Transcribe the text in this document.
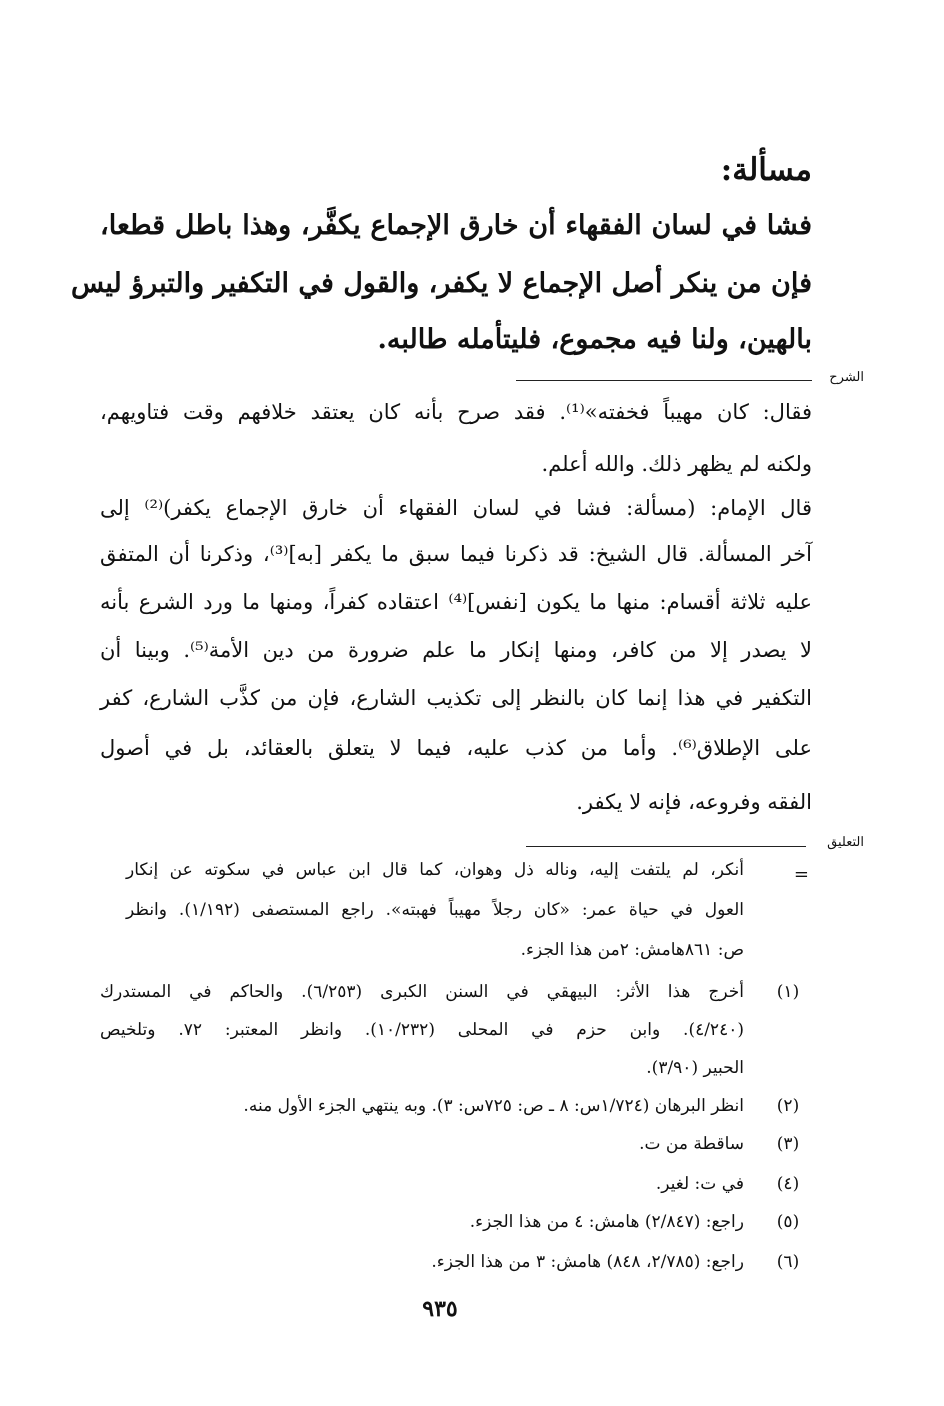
مسألة:
فشا في لسان الفقهاء أن خارق الإجماع يكفَّر، وهذا باطل قطعا،
فإن من ينكر أصل الإجماع لا يكفر، والقول في التكفير والتبرؤ ليس
بالهين، ولنا فيه مجموع، فليتأمله طالبه.
الشرح
فقال: كان مهيباً فخفته»⁽¹⁾. فقد صرح بأنه كان يعتقد خلافهم وقت فتاويهم،
ولكنه لم يظهر ذلك. والله أعلم.
قال الإمام: (مسألة: فشا في لسان الفقهاء أن خارق الإجماع يكفر)⁽²⁾ إلى
آخر المسألة. قال الشيخ: قد ذكرنا فيما سبق ما يكفر [به]⁽³⁾، وذكرنا أن المتفق
عليه ثلاثة أقسام: منها ما يكون [نفس]⁽⁴⁾ اعتقاده كفراً، ومنها ما ورد الشرع بأنه
لا يصدر إلا من كافر، ومنها إنكار ما علم ضرورة من دين الأمة⁽⁵⁾. وبينا أن
التكفير في هذا إنما كان بالنظر إلى تكذيب الشارع، فإن من كذَّب الشارع، كفر
على الإطلاق⁽⁶⁾. وأما من كذب عليه، فيما لا يتعلق بالعقائد، بل في أصول
الفقه وفروعه، فإنه لا يكفر.
التعليق
=
أنكر، لم يلتفت إليه، وناله ذل وهوان، كما قال ابن عباس في سكوته عن إنكار
العول في حياة عمر: «كان رجلاً مهيباً فهبته». راجع المستصفى (١/١٩٢). وانظر
ص: ٨٦١هامش: ٢من هذا الجزء.
(١)
أخرج هذا الأثر: البيهقي في السنن الكبرى (٦/٢٥٣). والحاكم في المستدرك
(٤/٢٤٠). وابن حزم في المحلى (١٠/٢٣٢). وانظر المعتبر: ٧٢. وتلخيص
الحبير (٣/٩٠).
(٢)
انظر البرهان (١/٧٢٤س: ٨ ـ ص: ٧٢٥س: ٣). وبه ينتهي الجزء الأول منه.
(٣)
ساقطة من ت.
(٤)
في ت: لغير.
(٥)
راجع: (٢/٨٤٧) هامش: ٤ من هذا الجزء.
(٦)
راجع: (٢/٧٨٥، ٨٤٨) هامش: ٣ من هذا الجزء.
٩٣٥
